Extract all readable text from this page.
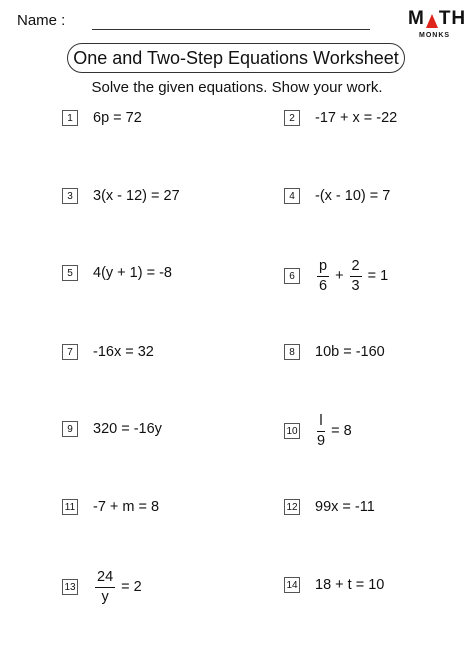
Name :	M TH
MONKS
One and Two-Step Equations Worksheet
Solve the given equations. Show your work.
1	6p = 72
3	3(x - 12) = 27
5	4(y + 1) = -8
7	-16x = 32
9	320 = -16y
11 -7 + m = 8
$13 \frac{24}{y} = 2$
2	-17 + x = -22
4	-(x - 10) = 7
6	$\frac{p}{6} + \frac{2}{3} = 1$
8	10b = -160
$10 \frac{l}{9} = 8$
12 99x = -11
14 18 + t = 10
